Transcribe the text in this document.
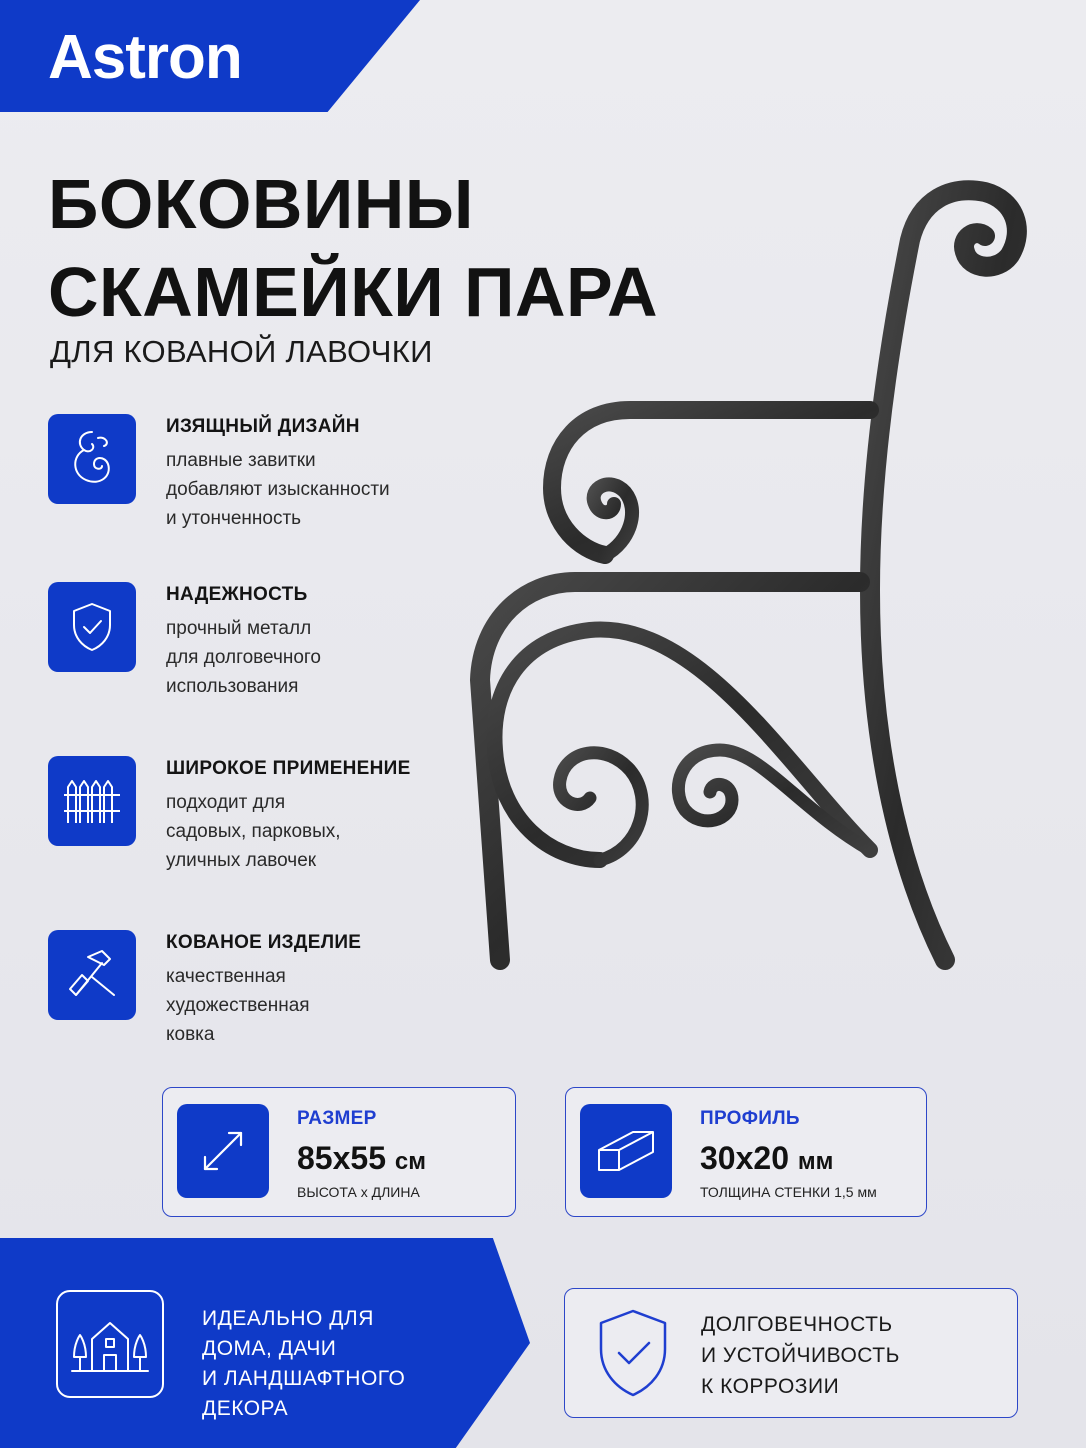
Astron
БОКОВИНЫ
СКАМЕЙКИ ПАРА
ДЛЯ КОВАНОЙ ЛАВОЧКИ
ИЗЯЩНЫЙ ДИЗАЙН
плавные завитки
добавляют изысканности
и утонченность
НАДЕЖНОСТЬ
прочный металл
для долговечного
использования
ШИРОКОЕ ПРИМЕНЕНИЕ
подходит для
садовых, парковых,
уличных лавочек
КОВАНОЕ ИЗДЕЛИЕ
качественная
художественная
ковка
РАЗМЕР
85x55 см
ВЫСОТА х ДЛИНА
ПРОФИЛЬ
30x20 мм
ТОЛЩИНА СТЕНКИ 1,5 мм
ИДЕАЛЬНО ДЛЯ
ДОМА, ДАЧИ
И ЛАНДШАФТНОГО
ДЕКОРА
ДОЛГОВЕЧНОСТЬ
И УСТОЙЧИВОСТЬ
К КОРРОЗИИ
